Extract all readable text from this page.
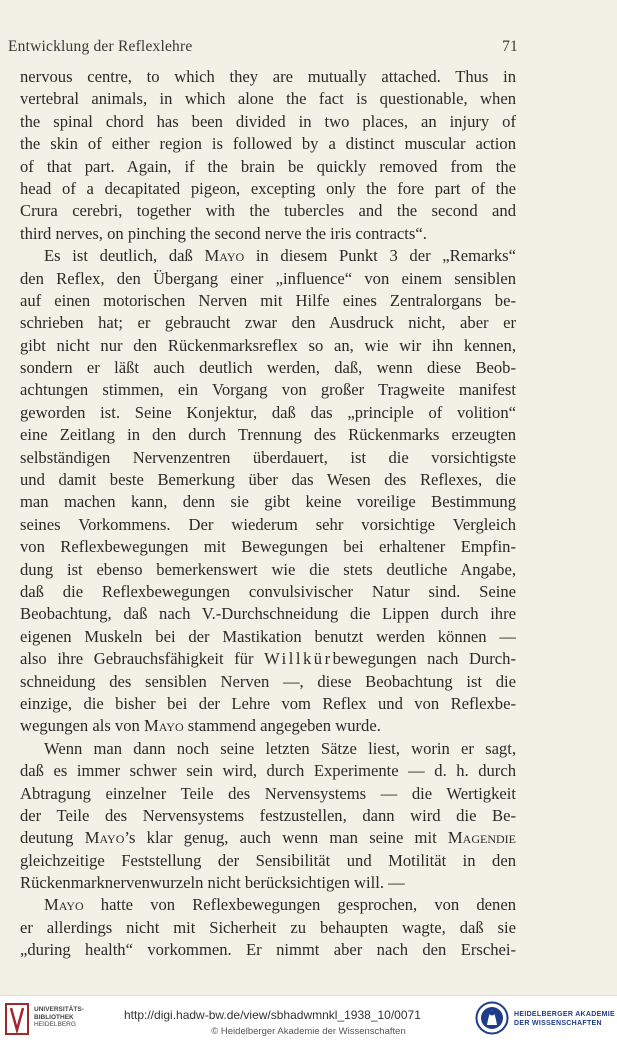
Entwicklung der Reflexlehre	71
nervous centre, to which they are mutually attached. Thus in
vertebral animals, in which alone the fact is questionable, when
the spinal chord has been divided in two places, an injury of
the skin of either region is followed by a distinct muscular action
of that part. Again, if the brain be quickly removed from the
head of a decapitated pigeon, excepting only the fore part of the
Crura cerebri, together with the tubercles and the second and
third nerves, on pinching the second nerve the iris contracts“.
Es ist deutlich, daß Mayo in diesem Punkt 3 der „Remarks“
den Reflex, den Übergang einer „influence“ von einem sensiblen
auf einen motorischen Nerven mit Hilfe eines Zentralorgans be-
schrieben hat; er gebraucht zwar den Ausdruck nicht, aber er
gibt nicht nur den Rückenmarksreflex so an, wie wir ihn kennen,
sondern er läßt auch deutlich werden, daß, wenn diese Beob-
achtungen stimmen, ein Vorgang von großer Tragweite manifest
geworden ist. Seine Konjektur, daß das „principle of volition“
eine Zeitlang in den durch Trennung des Rückenmarks erzeugten
selbständigen Nervenzentren überdauert, ist die vorsichtigste
und damit beste Bemerkung über das Wesen des Reflexes, die
man machen kann, denn sie gibt keine voreilige Bestimmung
seines Vorkommens. Der wiederum sehr vorsichtige Vergleich
von Reflexbewegungen mit Bewegungen bei erhaltener Empfin-
dung ist ebenso bemerkenswert wie die stets deutliche Angabe,
daß die Reflexbewegungen convulsivischer Natur sind. Seine
Beobachtung, daß nach V.-Durchschneidung die Lippen durch ihre
eigenen Muskeln bei der Mastikation benutzt werden können —
also ihre Gebrauchsfähigkeit für Willkürbewegungen nach Durch-
schneidung des sensiblen Nerven —, diese Beobachtung ist die
einzige, die bisher bei der Lehre vom Reflex und von Reflexbe-
wegungen als von Mayo stammend angegeben wurde.
Wenn man dann noch seine letzten Sätze liest, worin er sagt,
daß es immer schwer sein wird, durch Experimente — d. h. durch
Abtragung einzelner Teile des Nervensystems — die Wertigkeit
der Teile des Nervensystems festzustellen, dann wird die Be-
deutung Mayo’s klar genug, auch wenn man seine mit Magendie
gleichzeitige Feststellung der Sensibilität und Motilität in den
Rückenmarknervenwurzeln nicht berücksichtigen will. —
Mayo hatte von Reflexbewegungen gesprochen, von denen
er allerdings nicht mit Sicherheit zu behaupten wagte, daß sie
„during health“ vorkommen. Er nimmt aber nach den Erschei-
UNIVERSITÄTS-
BIBLIOTHEK
HEIDELBERG
http://digi.hadw-bw.de/view/sbhadwmnkl_1938_10/0071
© Heidelberger Akademie der Wissenschaften
HEIDELBERGER AKADEMIE
DER WISSENSCHAFTEN
